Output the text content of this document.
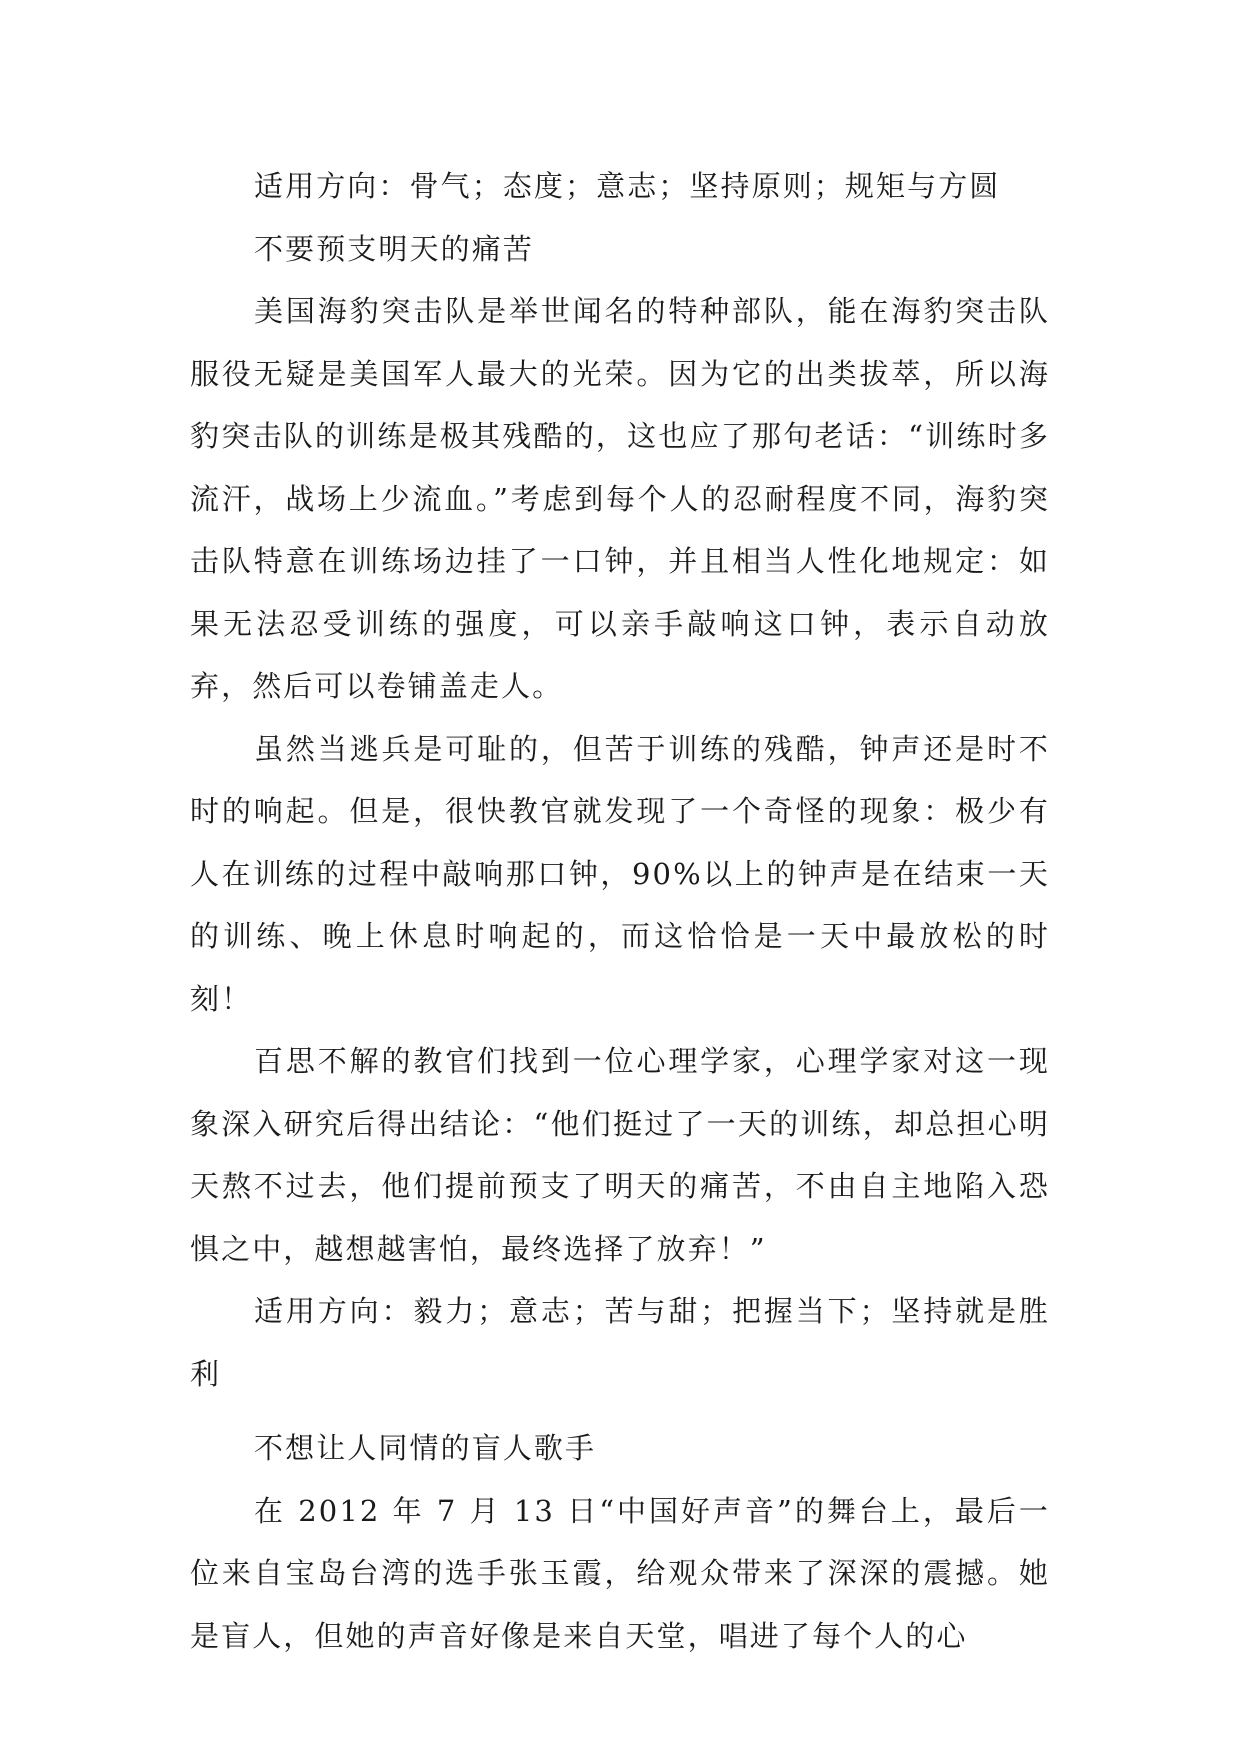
适用方向：骨气；态度；意志；坚持原则；规矩与方圆

不要预支明天的痛苦

美国海豹突击队是举世闻名的特种部队，能在海豹突击队服役无疑是美国军人最大的光荣。因为它的出类拔萃，所以海豹突击队的训练是极其残酷的，这也应了那句老话：“训练时多流汗，战场上少流血。”考虑到每个人的忍耐程度不同，海豹突击队特意在训练场边挂了一口钟，并且相当人性化地规定：如果无法忍受训练的强度，可以亲手敲响这口钟，表示自动放弃，然后可以卷铺盖走人。

虽然当逃兵是可耻的，但苦于训练的残酷，钟声还是时不时的响起。但是，很快教官就发现了一个奇怪的现象：极少有人在训练的过程中敲响那口钟，90%以上的钟声是在结束一天的训练、晚上休息时响起的，而这恰恰是一天中最放松的时刻！

百思不解的教官们找到一位心理学家，心理学家对这一现象深入研究后得出结论：“他们挺过了一天的训练，却总担心明天熬不过去，他们提前预支了明天的痛苦，不由自主地陷入恐惧之中，越想越害怕，最终选择了放弃！”

适用方向：毅力；意志；苦与甜；把握当下；坚持就是胜利

不想让人同情的盲人歌手

在 2012 年 7 月 13 日“中国好声音”的舞台上，最后一位来自宝岛台湾的选手张玉霞，给观众带来了深深的震撼。她是盲人，但她的声音好像是来自天堂，唱进了每个人的心
